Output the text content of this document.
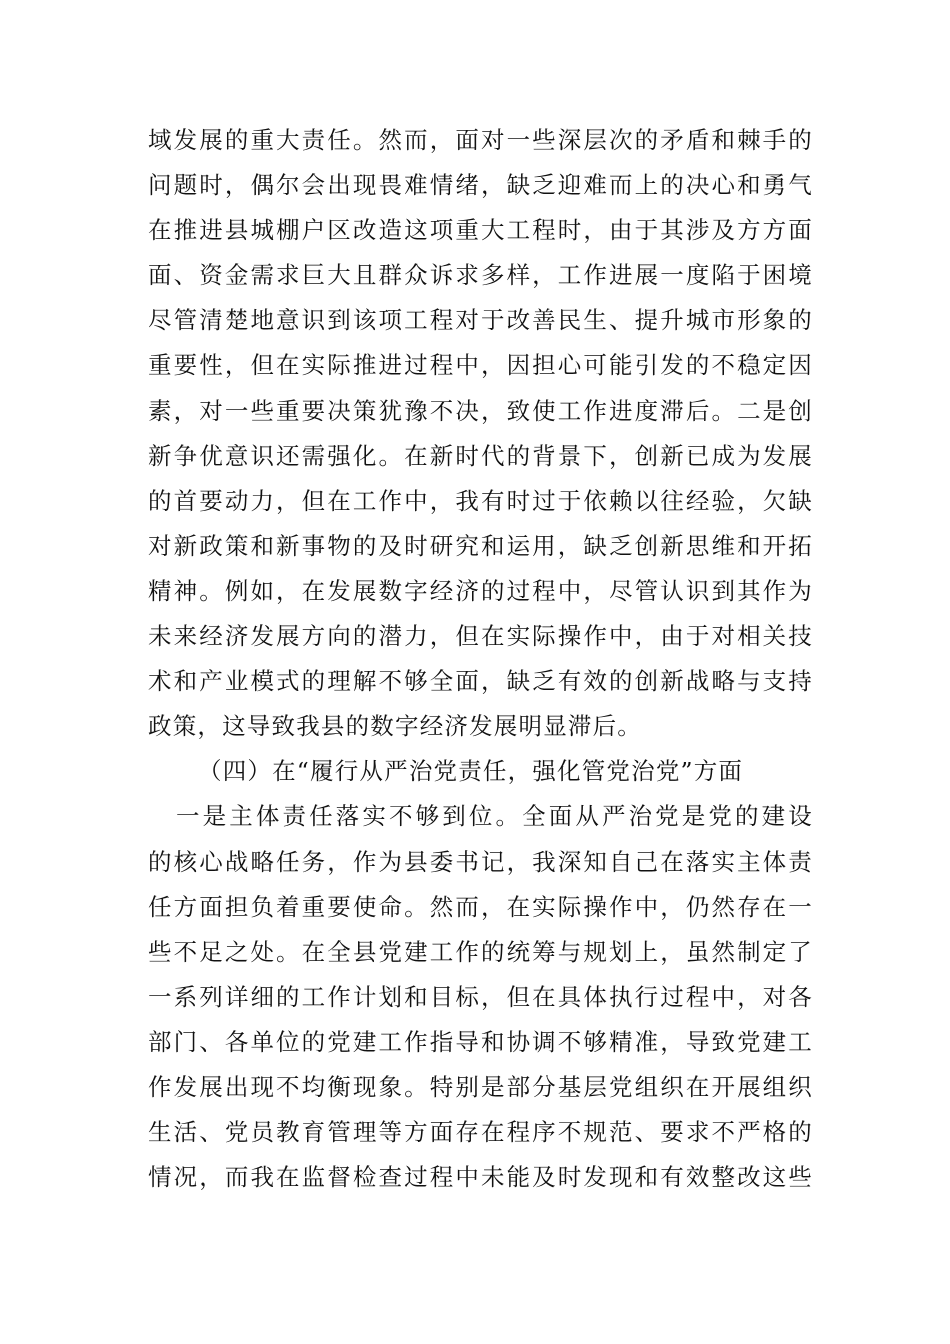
域发展的重大责任。然而，面对一些深层次的矛盾和棘手的
问题时，偶尔会出现畏难情绪，缺乏迎难而上的决心和勇气
在推进县城棚户区改造这项重大工程时，由于其涉及方方面
面、资金需求巨大且群众诉求多样，工作进展一度陷于困境
尽管清楚地意识到该项工程对于改善民生、提升城市形象的
重要性，但在实际推进过程中，因担心可能引发的不稳定因
素，对一些重要决策犹豫不决，致使工作进度滞后。二是创
新争优意识还需强化。在新时代的背景下，创新已成为发展
的首要动力，但在工作中，我有时过于依赖以往经验，欠缺
对新政策和新事物的及时研究和运用，缺乏创新思维和开拓
精神。例如，在发展数字经济的过程中，尽管认识到其作为
未来经济发展方向的潜力，但在实际操作中，由于对相关技
术和产业模式的理解不够全面，缺乏有效的创新战略与支持
政策，这导致我县的数字经济发展明显滞后。
（四）在“履行从严治党责任，强化管党治党”方面
一是主体责任落实不够到位。全面从严治党是党的建设
的核心战略任务，作为县委书记，我深知自己在落实主体责
任方面担负着重要使命。然而，在实际操作中，仍然存在一
些不足之处。在全县党建工作的统筹与规划上，虽然制定了
一系列详细的工作计划和目标，但在具体执行过程中，对各
部门、各单位的党建工作指导和协调不够精准，导致党建工
作发展出现不均衡现象。特别是部分基层党组织在开展组织
生活、党员教育管理等方面存在程序不规范、要求不严格的
情况，而我在监督检查过程中未能及时发现和有效整改这些
